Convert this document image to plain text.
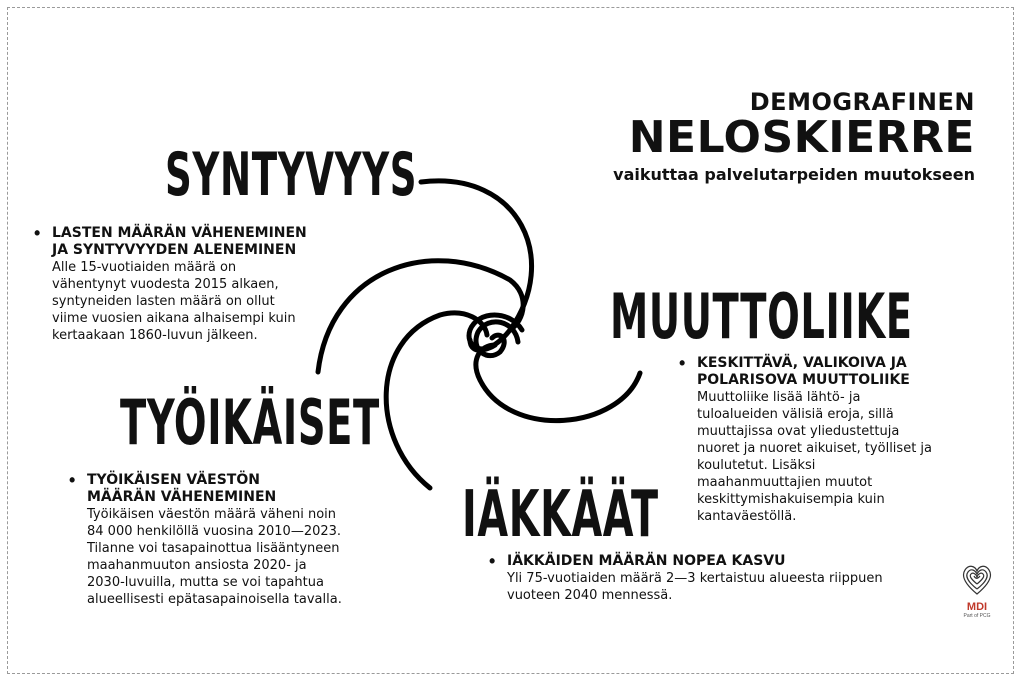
DEMOGRAFINEN
NELOSKIERRE
vaikuttaa palvelutarpeiden muutokseen
SYNTYVYYS
MUUTTOLIIKE
TYÖIKÄISET
IÄKKÄÄT
• LASTEN MÄÄRÄN VÄHENEMINEN
JA SYNTYVYYDEN ALENEMINEN
Alle 15-vuotiaiden määrä on
vähentynyt vuodesta 2015 alkaen,
syntyneiden lasten määrä on ollut
viime vuosien aikana alhaisempi kuin
kertaakaan 1860-luvun jälkeen.
• KESKITTÄVÄ, VALIKOIVA JA
POLARISOVA MUUTTOLIIKE
Muuttoliike lisää lähtö- ja
tuloalueiden välisiä eroja, sillä
muuttajissa ovat yliedustettuja
nuoret ja nuoret aikuiset, työlliset ja
koulutetut. Lisäksi
maahanmuuttajien muutot
keskittymishakuisempia kuin
kantaväestöllä.
• TYÖIKÄISEN VÄESTÖN
MÄÄRÄN VÄHENEMINEN
Työikäisen väestön määrä väheni noin
84 000 henkilöllä vuosina 2010—2023.
Tilanne voi tasapainottua lisääntyneen
maahanmuuton ansiosta 2020- ja
2030-luvuilla, mutta se voi tapahtua
alueellisesti epätasapainoisella tavalla.
• IÄKKÄIDEN MÄÄRÄN NOPEA KASVU
Yli 75-vuotiaiden määrä 2—3 kertaistuu alueesta riippuen
vuoteen 2040 mennessä.
MDI
Part of PCG
